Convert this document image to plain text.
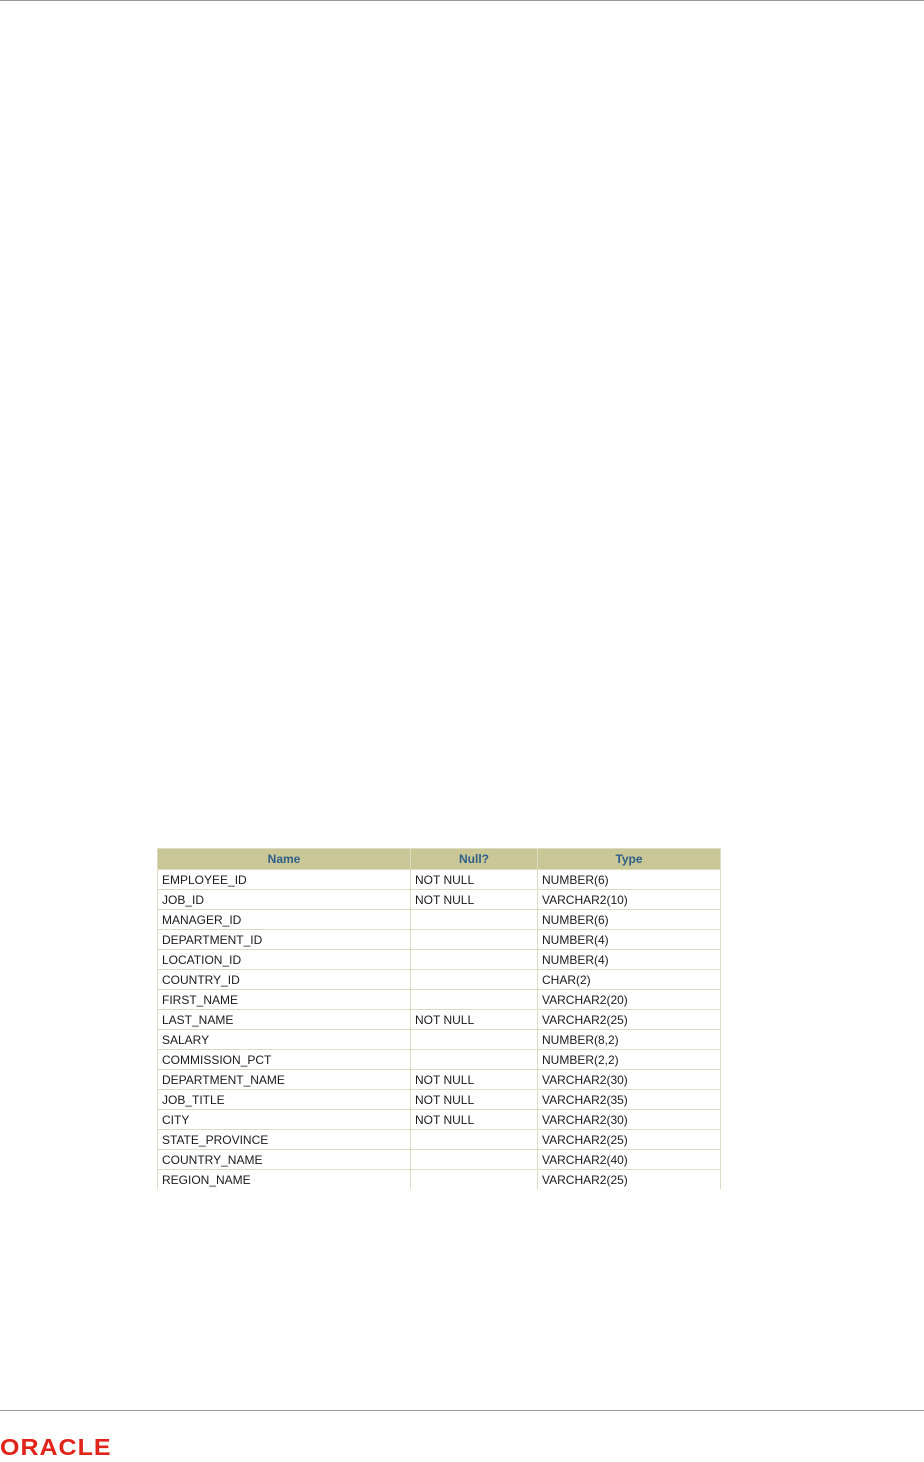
Name	Null?	Type
EMPLOYEE_ID	NOT NULL	NUMBER(6)
JOB_ID	NOT NULL	VARCHAR2(10)
MANAGER_ID		NUMBER(6)
DEPARTMENT_ID		NUMBER(4)
LOCATION_ID		NUMBER(4)
COUNTRY_ID		CHAR(2)
FIRST_NAME		VARCHAR2(20)
LAST_NAME	NOT NULL	VARCHAR2(25)
SALARY		NUMBER(8,2)
COMMISSION_PCT		NUMBER(2,2)
DEPARTMENT_NAME	NOT NULL	VARCHAR2(30)
JOB_TITLE	NOT NULL	VARCHAR2(35)
CITY	NOT NULL	VARCHAR2(30)
STATE_PROVINCE		VARCHAR2(25)
COUNTRY_NAME		VARCHAR2(40)
REGION_NAME		VARCHAR2(25)
ORACLE
